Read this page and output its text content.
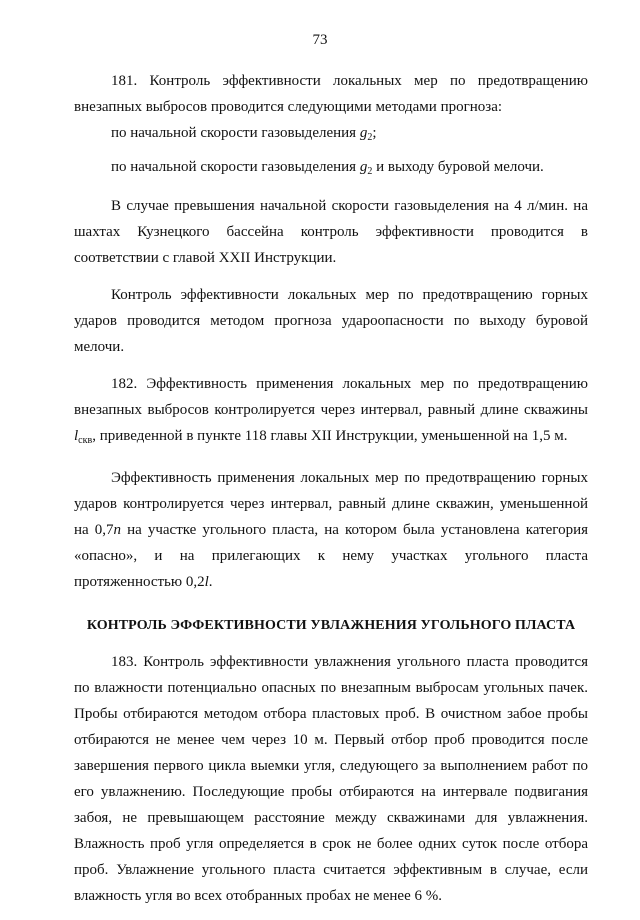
73

181. Контроль эффективности локальных мер по предотвращению внезапных выбросов проводится следующими методами прогноза:

по начальной скорости газовыделения $g_2$;
по начальной скорости газовыделения $g_2$ и выходу буровой мелочи.

В случае превышения начальной скорости газовыделения на 4 л/мин. на шахтах Кузнецкого бассейна контроль эффективности проводится в соответствии с главой XXII Инструкции.

Контроль эффективности локальных мер по предотвращению горных ударов проводится методом прогноза удароопасности по выходу буровой мелочи.

182. Эффективность применения локальных мер по предотвращению внезапных выбросов контролируется через интервал, равный длине скважины $l_{скв}$, приведенной в пункте 118 главы XII Инструкции, уменьшенной на 1,5 м.

Эффективность применения локальных мер по предотвращению горных ударов контролируется через интервал, равный длине скважин, уменьшенной на 0,7n на участке угольного пласта, на котором была установлена категория «опасно», и на прилегающих к нему участках угольного пласта протяженностью 0,2l.

КОНТРОЛЬ ЭФФЕКТИВНОСТИ УВЛАЖНЕНИЯ УГОЛЬНОГО ПЛАСТА

183. Контроль эффективности увлажнения угольного пласта проводится по влажности потенциально опасных по внезапным выбросам угольных пачек. Пробы отбираются методом отбора пластовых проб. В очистном забое пробы отбираются не менее чем через 10 м. Первый отбор проб проводится после завершения первого цикла выемки угля, следующего за выполнением работ по его увлажнению. Последующие пробы отбираются на интервале подвигания забоя, не превышающем расстояние между скважинами для увлажнения. Влажность проб угля определяется в срок не более одних суток после отбора проб. Увлажнение угольного пласта считается эффективным в случае, если влажность угля во всех отобранных пробах не менее 6 %.
